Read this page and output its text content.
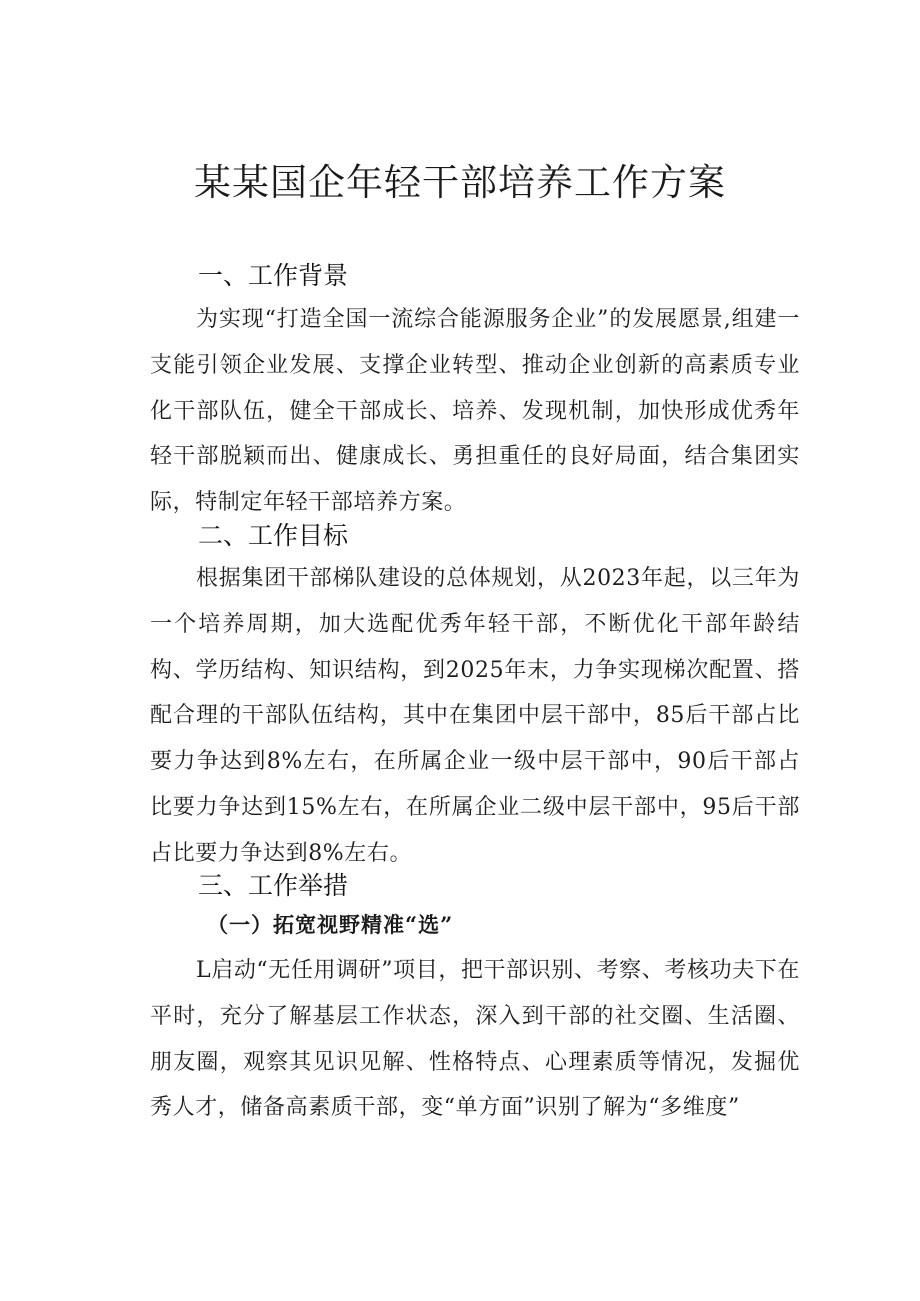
某某国企年轻干部培养工作方案
一、工作背景

为实现“打造全国一流综合能源服务企业”的发展愿景,组建一支能引领企业发展、支撑企业转型、推动企业创新的高素质专业化干部队伍，健全干部成长、培养、发现机制，加快形成优秀年轻干部脱颖而出、健康成长、勇担重任的良好局面，结合集团实际，特制定年轻干部培养方案。

二、工作目标

根据集团干部梯队建设的总体规划，从2023年起，以三年为一个培养周期，加大选配优秀年轻干部，不断优化干部年龄结构、学历结构、知识结构，到2025年末，力争实现梯次配置、搭配合理的干部队伍结构，其中在集团中层干部中，85后干部占比要力争达到8%左右，在所属企业一级中层干部中，90后干部占比要力争达到15%左右，在所属企业二级中层干部中，95后干部占比要力争达到8%左右。

三、工作举措
（一）拓宽视野精准“选”

L启动“无任用调研”项目，把干部识别、考察、考核功夫下在平时，充分了解基层工作状态，深入到干部的社交圈、生活圈、朋友圈，观察其见识见解、性格特点、心理素质等情况，发掘优秀人才，储备高素质干部，变“单方面”识别了解为“多维度”
